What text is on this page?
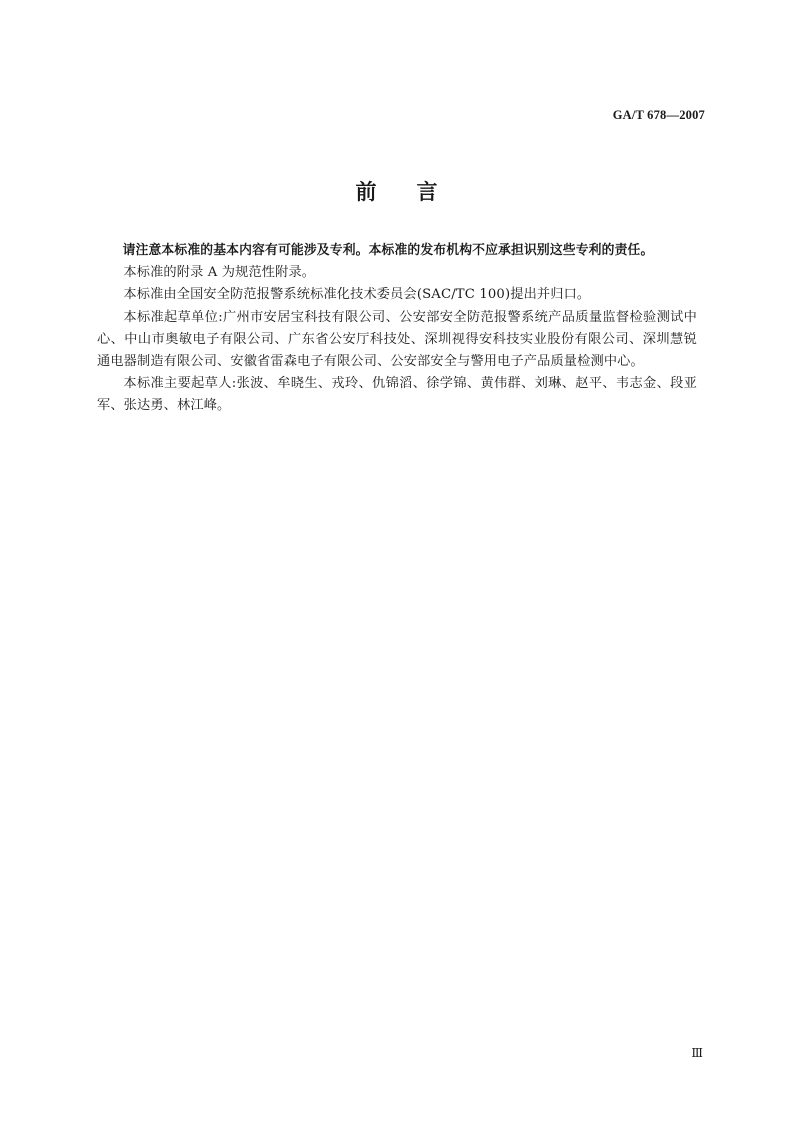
GA/T 678—2007
前 言

请注意本标准的基本内容有可能涉及专利。本标准的发布机构不应承担识别这些专利的责任。

本标准的附录 A 为规范性附录。

本标准由全国安全防范报警系统标准化技术委员会(SAC/TC 100)提出并归口。

本标准起草单位:广州市安居宝科技有限公司、公安部安全防范报警系统产品质量监督检验测试中心、中山市奥敏电子有限公司、广东省公安厅科技处、深圳视得安科技实业股份有限公司、深圳慧锐通电器制造有限公司、安徽省雷森电子有限公司、公安部安全与警用电子产品质量检测中心。

本标准主要起草人:张波、牟晓生、戎玲、仇锦滔、徐学锦、黄伟群、刘琳、赵平、韦志金、段亚军、张达勇、林江峰。

Ⅲ
